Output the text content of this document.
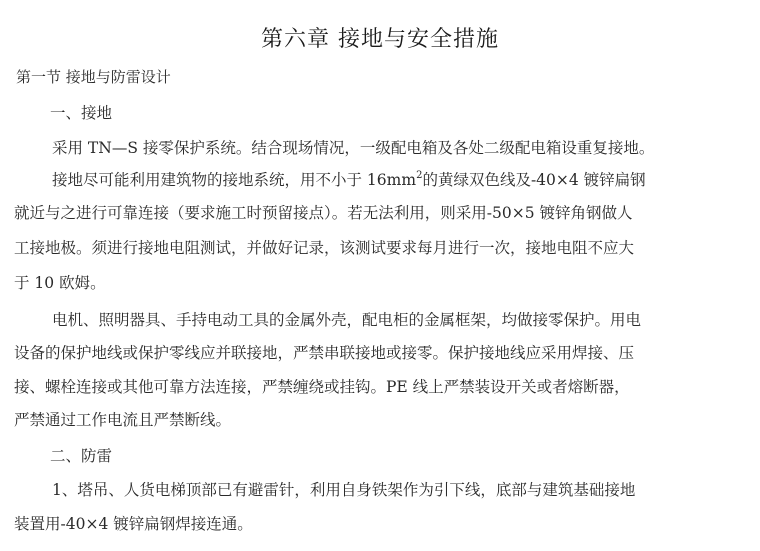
第六章 接地与安全措施
第一节 接地与防雷设计
一、接地
采用 TN—S 接零保护系统。结合现场情况，一级配电箱及各处二级配电箱设重复接地。
接地尽可能利用建筑物的接地系统，用不小于 $16mm^2$的黄绿双色线及-40×4 镀锌扁钢
就近与之进行可靠连接（要求施工时预留接点）。若无法利用，则采用-50×5 镀锌角钢做人
工接地极。须进行接地电阻测试，并做好记录，该测试要求每月进行一次，接地电阻不应大
于 10 欧姆。
电机、照明器具、手持电动工具的金属外壳，配电柜的金属框架，均做接零保护。用电
设备的保护地线或保护零线应并联接地，严禁串联接地或接零。保护接地线应采用焊接、压
接、螺栓连接或其他可靠方法连接，严禁缠绕或挂钩。PE 线上严禁装设开关或者熔断器，
严禁通过工作电流且严禁断线。
二、防雷
1、塔吊、人货电梯顶部已有避雷针，利用自身铁架作为引下线，底部与建筑基础接地
装置用-40×4 镀锌扁钢焊接连通。
